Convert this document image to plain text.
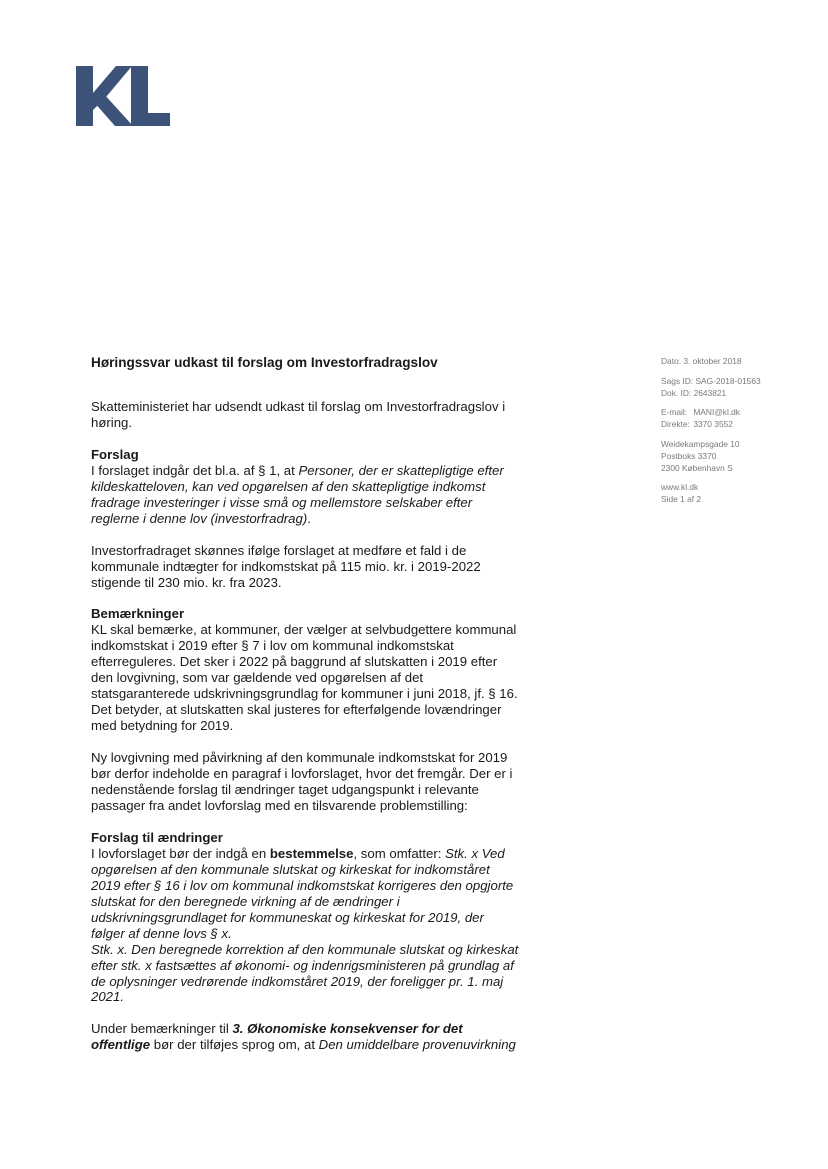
Dato: 3. oktober 2018
Sags ID: SAG-2018-01563
Dok. ID: 2643821
E-mail: MANI@kl.dk
Direkte: 3370 3552
Weidekampsgade 10
Postboks 3370
2300 København S
www.kl.dk
Side 1 af 2
Høringssvar udkast til forslag om Investorfradragslov

Skatteministeriet har udsendt udkast til forslag om Investorfradragslov i
høring.

Forslag
I forslaget indgår det bl.a. af § 1, at Personer, der er skattepligtige efter
kildeskatteloven, kan ved opgørelsen af den skattepligtige indkomst
fradrage investeringer i visse små og mellemstore selskaber efter
reglerne i denne lov (investorfradrag).

Investorfradraget skønnes ifølge forslaget at medføre et fald i de
kommunale indtægter for indkomstskat på 115 mio. kr. i 2019-2022
stigende til 230 mio. kr. fra 2023.

Bemærkninger
KL skal bemærke, at kommuner, der vælger at selvbudgettere kommunal
indkomstskat i 2019 efter § 7 i lov om kommunal indkomstskat
efterreguleres. Det sker i 2022 på baggrund af slutskatten i 2019 efter
den lovgivning, som var gældende ved opgørelsen af det
statsgaranterede udskrivningsgrundlag for kommuner i juni 2018, jf. § 16.
Det betyder, at slutskatten skal justeres for efterfølgende lovændringer
med betydning for 2019.

Ny lovgivning med påvirkning af den kommunale indkomstskat for 2019
bør derfor indeholde en paragraf i lovforslaget, hvor det fremgår. Der er i
nedenstående forslag til ændringer taget udgangspunkt i relevante
passager fra andet lovforslag med en tilsvarende problemstilling:

Forslag til ændringer
I lovforslaget bør der indgå en bestemmelse, som omfatter: Stk. x Ved
opgørelsen af den kommunale slutskat og kirkeskat for indkomståret
2019 efter § 16 i lov om kommunal indkomstskat korrigeres den opgjorte
slutskat for den beregnede virkning af de ændringer i
udskrivningsgrundlaget for kommuneskat og kirkeskat for 2019, der
følger af denne lovs § x.
Stk. x. Den beregnede korrektion af den kommunale slutskat og kirkeskat
efter stk. x fastsættes af økonomi- og indenrigsministeren på grundlag af
de oplysninger vedrørende indkomståret 2019, der foreligger pr. 1. maj
2021.

Under bemærkninger til 3. Økonomiske konsekvenser for det
offentlige bør der tilføjes sprog om, at Den umiddelbare provenuvirkning
